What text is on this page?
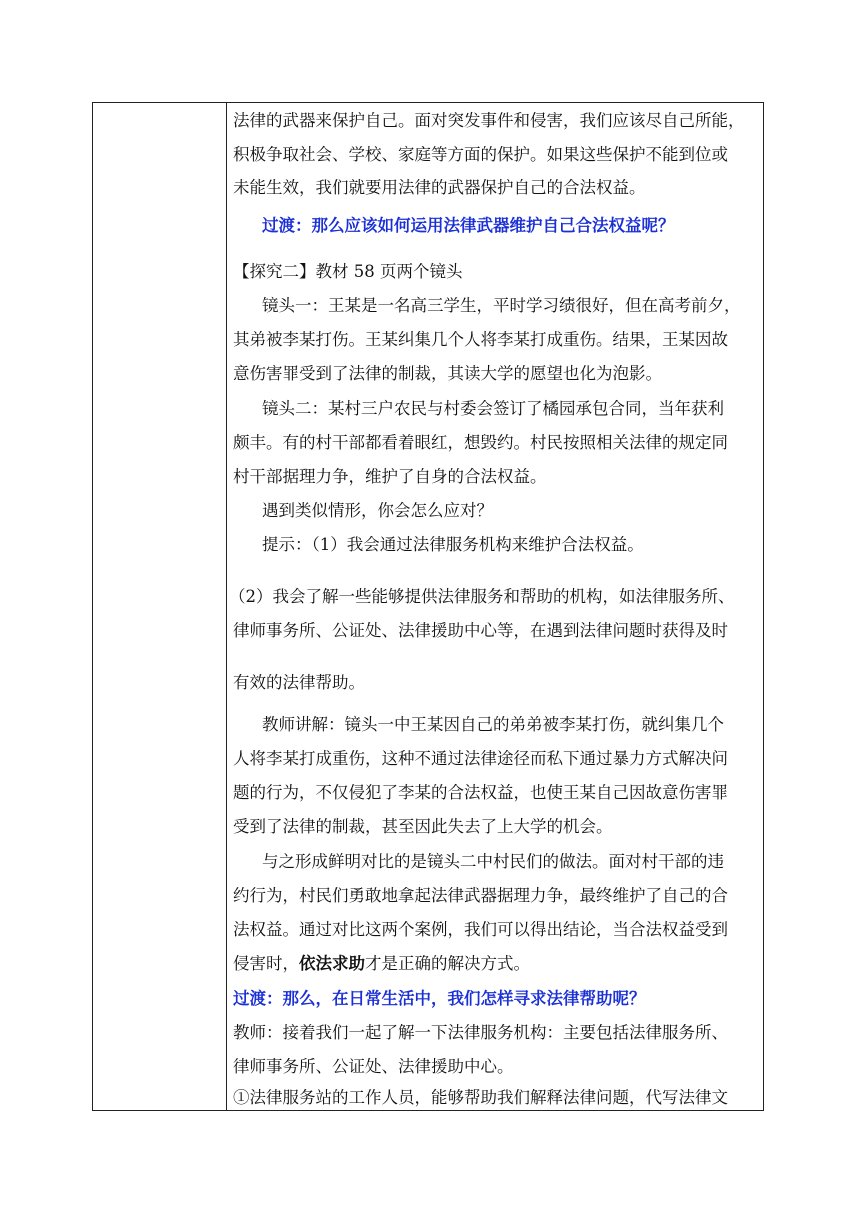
法律的武器来保护自己。面对突发事件和侵害，我们应该尽自己所能，
积极争取社会、学校、家庭等方面的保护。如果这些保护不能到位或
未能生效，我们就要用法律的武器保护自己的合法权益。
过渡：那么应该如何运用法律武器维护自己合法权益呢？
【探究二】教材 58 页两个镜头
镜头一：王某是一名高三学生，平时学习绩很好，但在高考前夕，
其弟被李某打伤。王某纠集几个人将李某打成重伤。结果，王某因故
意伤害罪受到了法律的制裁，其读大学的愿望也化为泡影。
镜头二：某村三户农民与村委会签订了橘园承包合同，当年获利
颇丰。有的村干部都看着眼红，想毁约。村民按照相关法律的规定同
村干部据理力争，维护了自身的合法权益。
遇到类似情形，你会怎么应对？
提示：（1）我会通过法律服务机构来维护合法权益。
（2）我会了解一些能够提供法律服务和帮助的机构，如法律服务所、
律师事务所、公证处、法律援助中心等，在遇到法律问题时获得及时
有效的法律帮助。
教师讲解：镜头一中王某因自己的弟弟被李某打伤，就纠集几个
人将李某打成重伤，这种不通过法律途径而私下通过暴力方式解决问
题的行为，不仅侵犯了李某的合法权益，也使王某自己因故意伤害罪
受到了法律的制裁，甚至因此失去了上大学的机会。
与之形成鲜明对比的是镜头二中村民们的做法。面对村干部的违
约行为，村民们勇敢地拿起法律武器据理力争，最终维护了自己的合
法权益。通过对比这两个案例，我们可以得出结论，当合法权益受到
侵害时，依法求助才是正确的解决方式。
过渡：那么，在日常生活中，我们怎样寻求法律帮助呢？
教师：接着我们一起了解一下法律服务机构：主要包括法律服务所、
律师事务所、公证处、法律援助中心。
①法律服务站的工作人员，能够帮助我们解释法律问题，代写法律文
